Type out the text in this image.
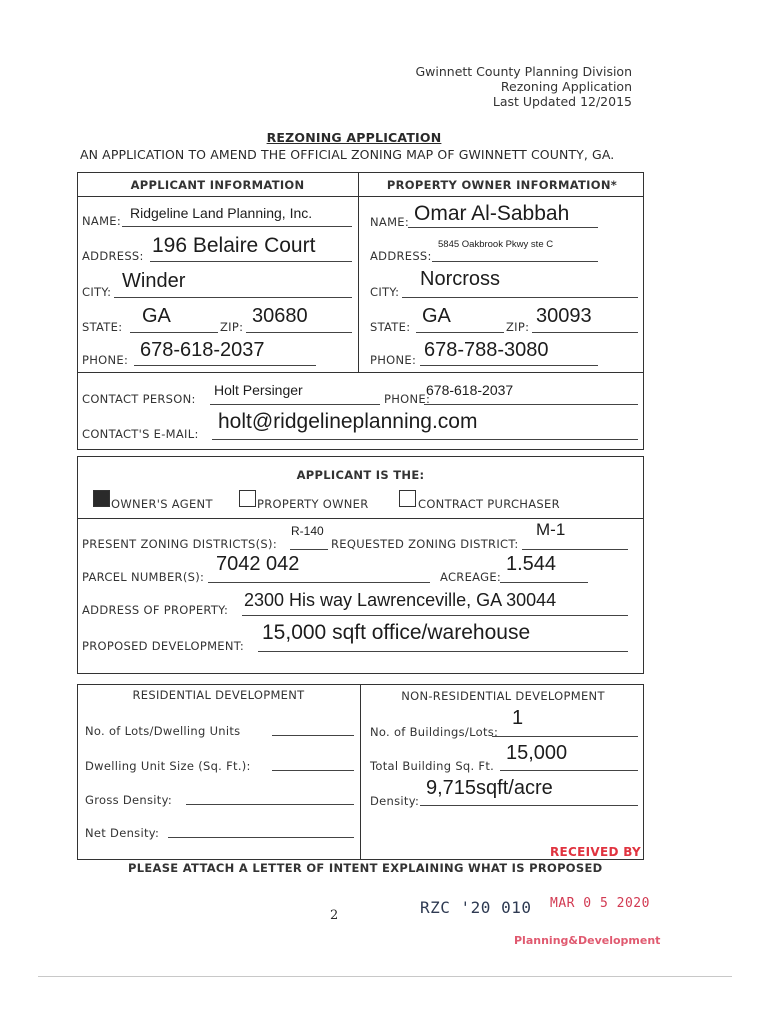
Gwinnett County Planning Division
Rezoning Application
Last Updated 12/2015
REZONING APPLICATION
AN APPLICATION TO AMEND THE OFFICIAL ZONING MAP OF GWINNETT COUNTY, GA.
APPLICANT INFORMATION	PROPERTY OWNER INFORMATION*
NAME: Ridgeline Land Planning, Inc.
ADDRESS: 196 Belaire Court
CITY: Winder
STATE: GA	ZIP: 30680
PHONE: 678-618-2037
NAME: Omar Al-Sabbah
ADDRESS:
5845 Oakbrook Pkwy ste C
CITY:
Norcross
STATE: GA	ZIP: 30093
PHONE: 678-788-3080
CONTACT PERSON:
Holt Persinger
PHONE:
678-618-2037
CONTACT'S E-MAIL:
holt@ridgelineplanning.com
APPLICANT IS THE:
OWNER'S AGENT	PROPERTY OWNER	CONTRACT PURCHASER
PRESENT ZONING DISTRICTS(S):
R-140
REQUESTED ZONING DISTRICT:
M-1
PARCEL NUMBER(S):
7042 042
ACREAGE:
1.544
ADDRESS OF PROPERTY: 2300 His way Lawrenceville, GA 30044
PROPOSED DEVELOPMENT:
15,000 sqft office/warehouse
RESIDENTIAL DEVELOPMENT	NON-RESIDENTIAL DEVELOPMENT
No. of Lots/Dwelling Units
Dwelling Unit Size (Sq. Ft.):
Gross Density:
Net Density:
No. of Buildings/Lots:
1
Total Building Sq. Ft.
15,000
Density:
9,715sqft/acre
RECEIVED BY
PLEASE ATTACH A LETTER OF INTENT EXPLAINING WHAT IS PROPOSED
2	RZC '20 010 MAR 0 5 2020
Planning&Development
